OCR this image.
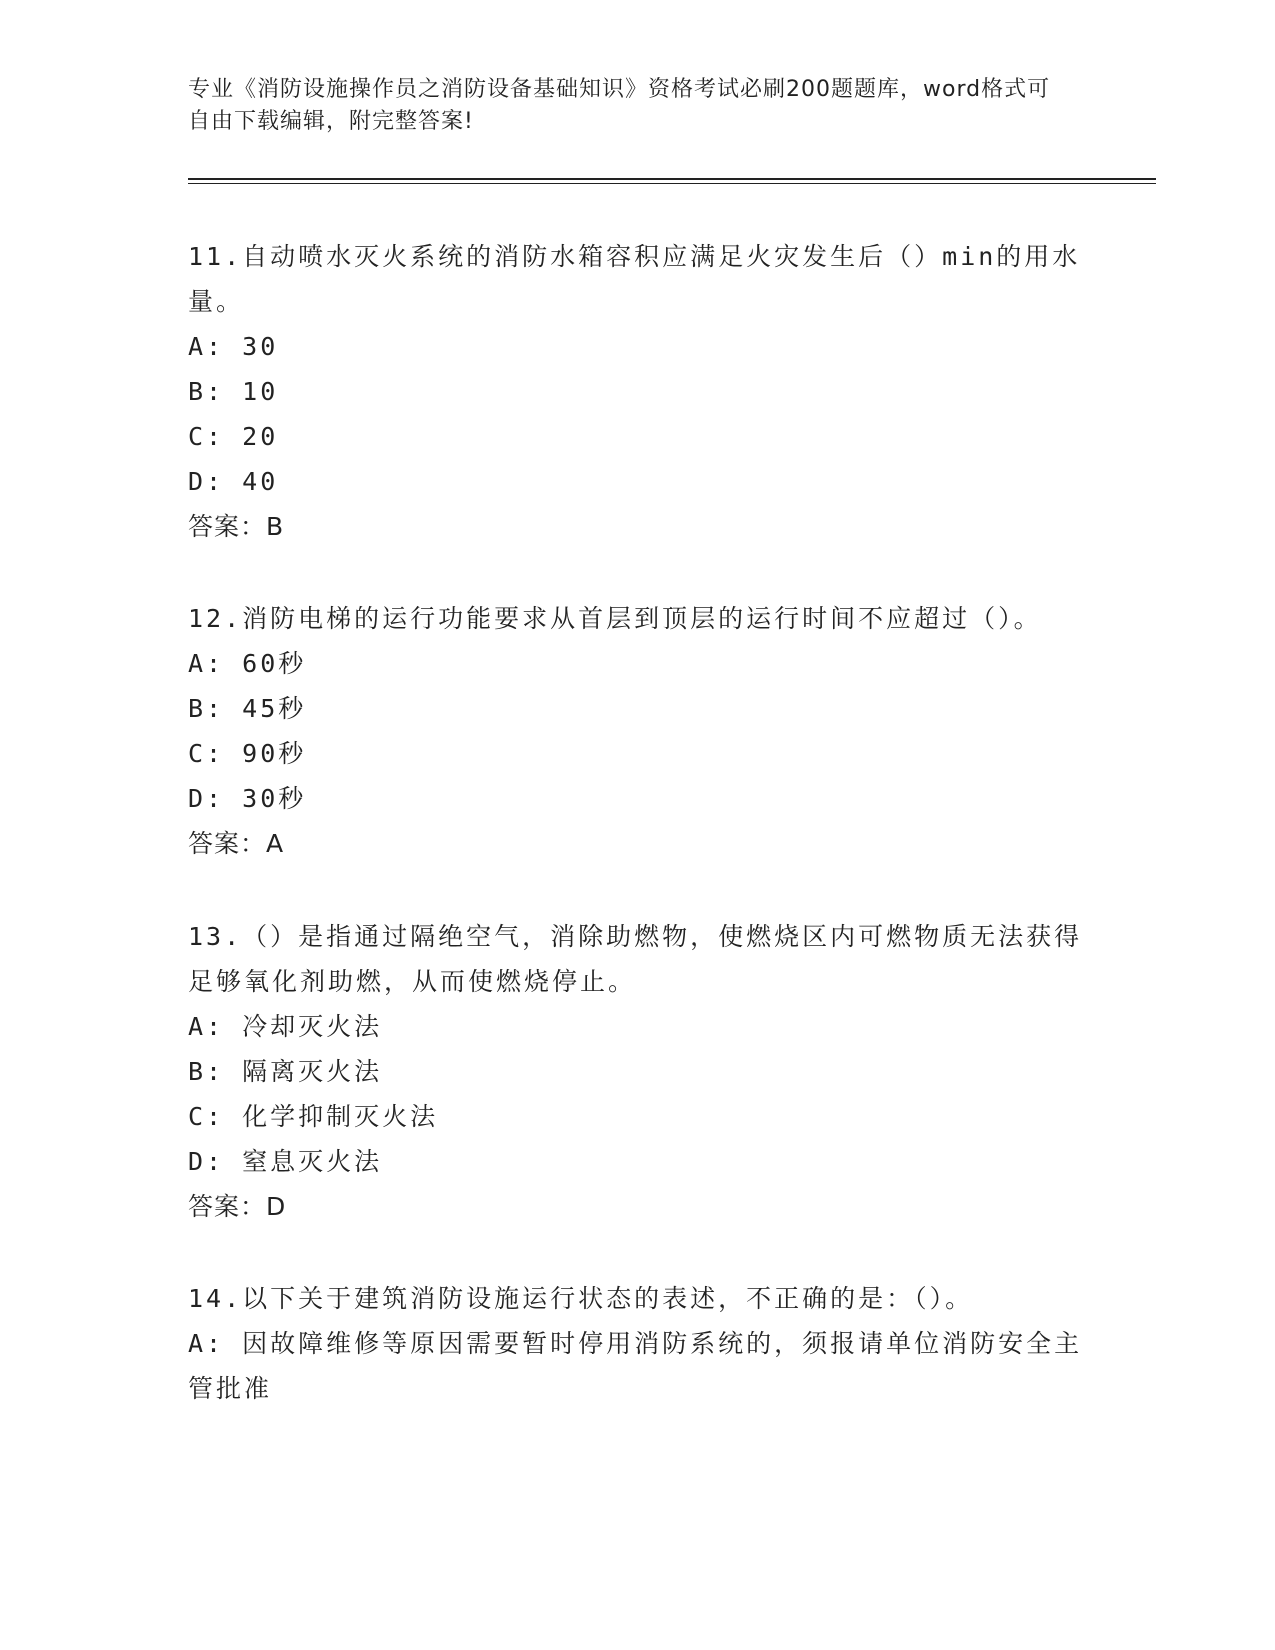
专业《消防设施操作员之消防设备基础知识》资格考试必刷200题题库，word格式可自由下载编辑，附完整答案!
11.自动喷水灭火系统的消防水箱容积应满足火灾发生后（）min的用水量。
A: 30
B: 10
C: 20
D: 40
答案：B
12.消防电梯的运行功能要求从首层到顶层的运行时间不应超过（）。
A: 60秒
B: 45秒
C: 90秒
D: 30秒
答案：A
13.（）是指通过隔绝空气，消除助燃物，使燃烧区内可燃物质无法获得足够氧化剂助燃，从而使燃烧停止。
A: 冷却灭火法
B: 隔离灭火法
C: 化学抑制灭火法
D: 窒息灭火法
答案：D
14.以下关于建筑消防设施运行状态的表述，不正确的是：（）。
A: 因故障维修等原因需要暂时停用消防系统的，须报请单位消防安全主管批准
